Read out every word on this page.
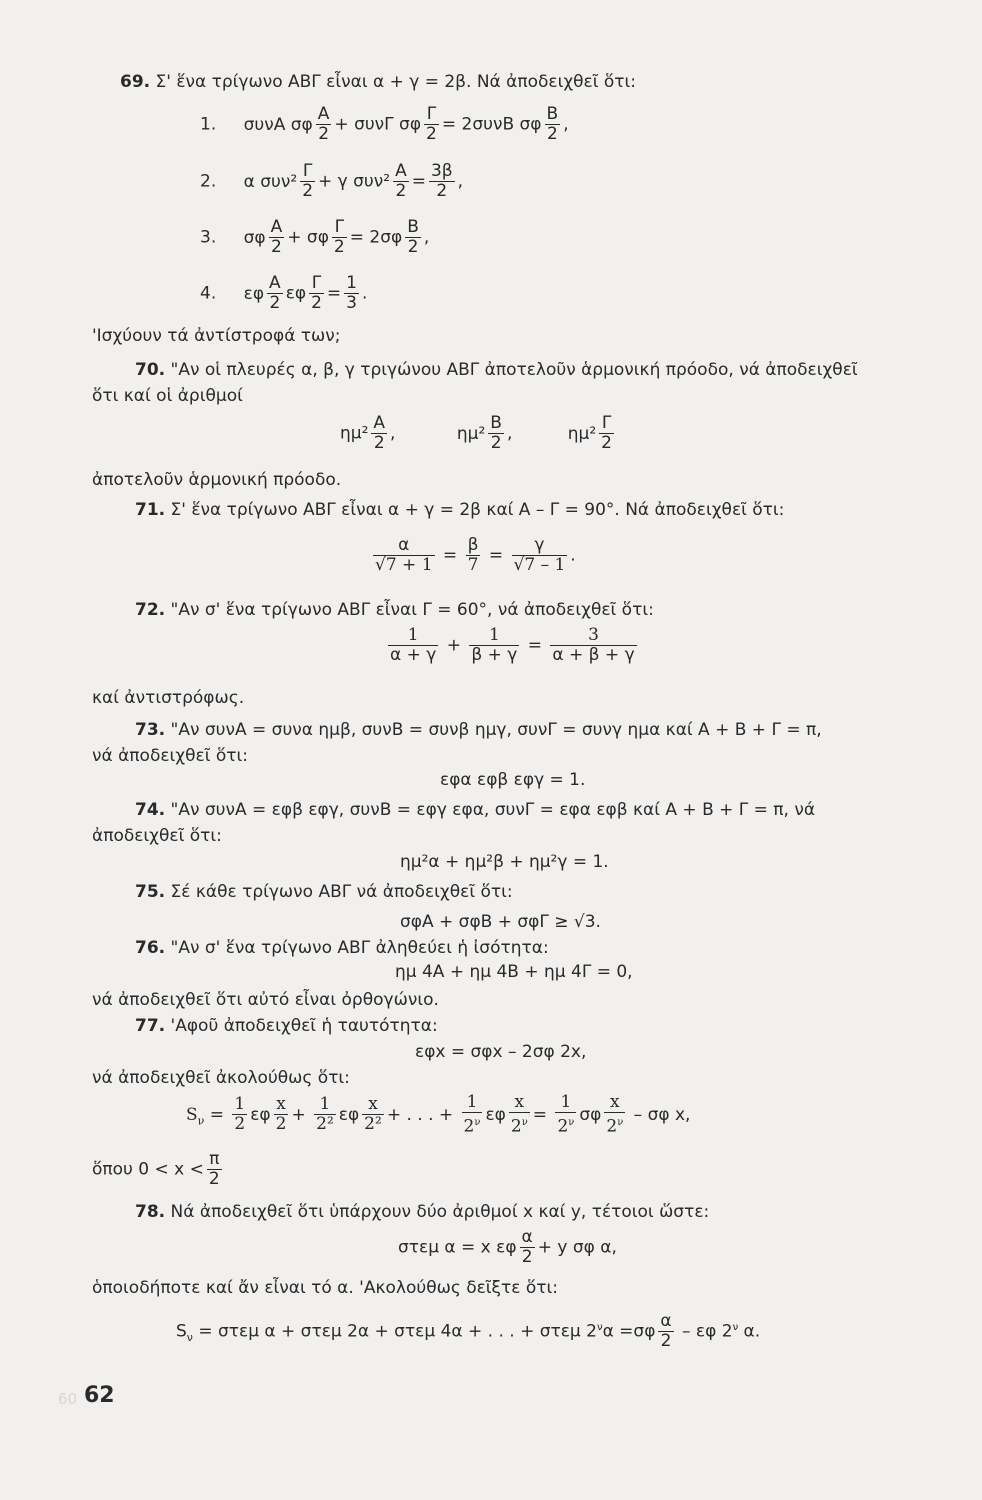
69. Σ' ἕνα τρίγωνο ΑΒΓ εἶναι α + γ = 2β. Νά ἀποδειχθεῖ ὅτι:
1. συνΑ σφ $\frac{A}{2} + \sigma\upsilon\nu\Gamma$ σφ $\frac{\Gamma}{2} = 2\sigma\upsilon\nu B$ σφ $\frac{B}{2}$ ,
2. α $\sigma\upsilon\nu^2 \frac{\Gamma}{2} + \gamma$ $\sigma\upsilon\nu^2 \frac{A}{2} = \frac{3\beta}{2}$ ,
3. σφ $\frac{A}{2} + \sigma\varphi \frac{\Gamma}{2} = 2\sigma\varphi \frac{B}{2}$ ,
4. εφ $\frac{A}{2}$ εφ $\frac{\Gamma}{2} = \frac{1}{3}$ .
'Ισχύουν τά ἀντίστροφά των;
70. "Αν οἱ πλευρές α, β, γ τριγώνου ΑΒΓ ἀποτελοῦν ἁρμονική πρόοδο, νά ἀποδειχθεῖ
ὅτι καί οἱ ἀριθμοί
$\eta\mu^2 \frac{A}{2}$ ,	$\eta\mu^2 \frac{B}{2}$ ,	$\eta\mu^2 \frac{\Gamma}{2}$
ἀποτελοῦν ἁρμονική πρόοδο.
71. Σ' ἕνα τρίγωνο ΑΒΓ εἶναι α + γ = 2β καί Α – Γ = 90°. Νά ἀποδειχθεῖ ὅτι:
$\frac{\alpha}{√7 + 1} = \frac{\beta}{7} = \frac{\gamma}{√7 - 1}$ .
72. "Αν σ' ἕνα τρίγωνο ΑΒΓ εἶναι Γ = 60°, νά ἀποδειχθεῖ ὅτι:
$\frac{1}{\alpha + \gamma} + \frac{1}{\beta + \gamma} = \frac{3}{\alpha + \beta + \gamma}$
καί ἀντιστρόφως.
73. "Αν συνΑ = συνα ημβ, συνΒ = συνβ ημγ, συνΓ = συνγ ημα καί Α + Β + Γ = π,
νά ἀποδειχθεῖ ὅτι:
εφα εφβ εφγ = 1.
74. "Αν συνΑ = εφβ εφγ, συνΒ = εφγ εφα, συνΓ = εφα εφβ καί Α + Β + Γ = π, νά
ἀποδειχθεῖ ὅτι:
ημ²α + ημ²β + ημ²γ = 1.
75. Σέ κάθε τρίγωνο ΑΒΓ νά ἀποδειχθεῖ ὅτι:
σφΑ + σφΒ + σφΓ ≥ √3.
76. "Αν σ' ἕνα τρίγωνο ΑΒΓ ἀληθεύει ἡ ἰσότητα:
ημ 4Α + ημ 4Β + ημ 4Γ = 0,
νά ἀποδειχθεῖ ὅτι αὐτό εἶναι ὀρθογώνιο.
77. 'Αφοῦ ἀποδειχθεῖ ἡ ταυτότητα:
εφx = σφx – 2σφ 2x,
νά ἀποδειχθεῖ ἀκολούθως ὅτι:
$S_\nu = \frac{1}{2}$ εφ $\frac{x}{2} + \frac{1}{\text{2²}}$ εφ $\frac{x}{\text{2²}}$ + . . . + $\frac{1}{2^\nu}$ εφ $\frac{x}{2^\nu} = \frac{1}{2^\nu}$ σφ $\frac{x}{2^\nu}$ – σφ x,
ὅπου $0 < x < \frac{\pi}{2}$
78. Νά ἀποδειχθεῖ ὅτι ὑπάρχουν δύο ἀριθμοί x καί y, τέτοιοι ὥστε:
στεμ α = x εφ $\frac{\alpha}{2} + y$ σφ α,
ὁποιοδήποτε καί ἄν εἶναι τό α. 'Ακολούθως δεῖξτε ὅτι:
$S_\nu = \sigma\tau\varepsilon\mu$ α + στεμ 2α + στεμ 4α + . . . + στεμ $2^\nu\alpha =\sigma\varphi \frac{\alpha}{2} - \varepsilon\varphi$ $2^\nu$ α.
60 62
